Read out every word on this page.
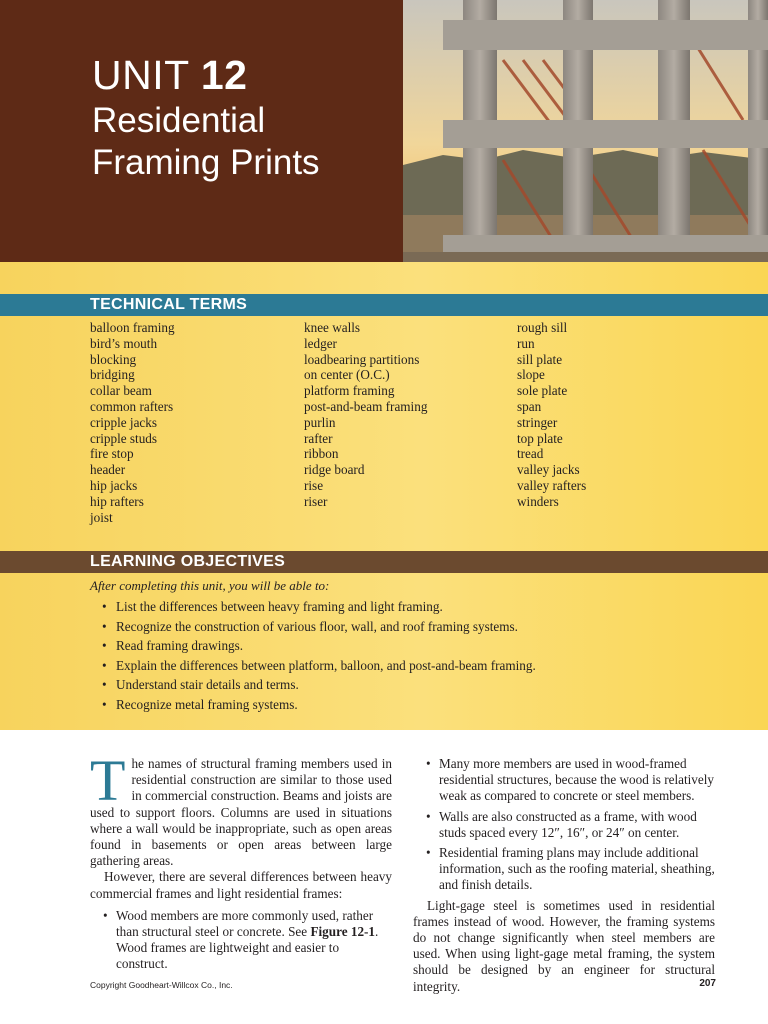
UNIT 12
Residential Framing Prints
TECHNICAL TERMS
balloon framing
bird’s mouth
blocking
bridging
collar beam
common rafters
cripple jacks
cripple studs
fire stop
header
hip jacks
hip rafters
joist
knee walls
ledger
loadbearing partitions
on center (O.C.)
platform framing
post-and-beam framing
purlin
rafter
ribbon
ridge board
rise
riser
rough sill
run
sill plate
slope
sole plate
span
stringer
top plate
tread
valley jacks
valley rafters
winders
LEARNING OBJECTIVES
After completing this unit, you will be able to:
• List the differences between heavy framing and light framing.
• Recognize the construction of various floor, wall, and roof framing systems.
• Read framing drawings.
• Explain the differences between platform, balloon, and post-and-beam framing.
• Understand stair details and terms.
• Recognize metal framing systems.

The names of structural framing members used in residential construction are similar to those used in commercial construction. Beams and joists are used to support floors. Columns are used in situations where a wall would be inappropriate, such as open areas found in basements or open areas between large gathering areas.

However, there are several differences between heavy commercial frames and light residential frames:

• Wood members are more commonly used, rather than structural steel or concrete. See Figure 12-1. Wood frames are lightweight and easier to construct.
• Many more members are used in wood-framed residential structures, because the wood is relatively weak as compared to concrete or steel members.
• Walls are also constructed as a frame, with wood studs spaced every 12″, 16″, or 24″ on center.
• Residential framing plans may include additional information, such as the roofing material, sheathing, and finish details.

Light-gage steel is sometimes used in residential frames instead of wood. However, the framing systems do not change significantly when steel members are used. When using light-gage metal framing, the system should be designed by an engineer for structural integrity.

Copyright Goodheart-Willcox Co., Inc.	207
